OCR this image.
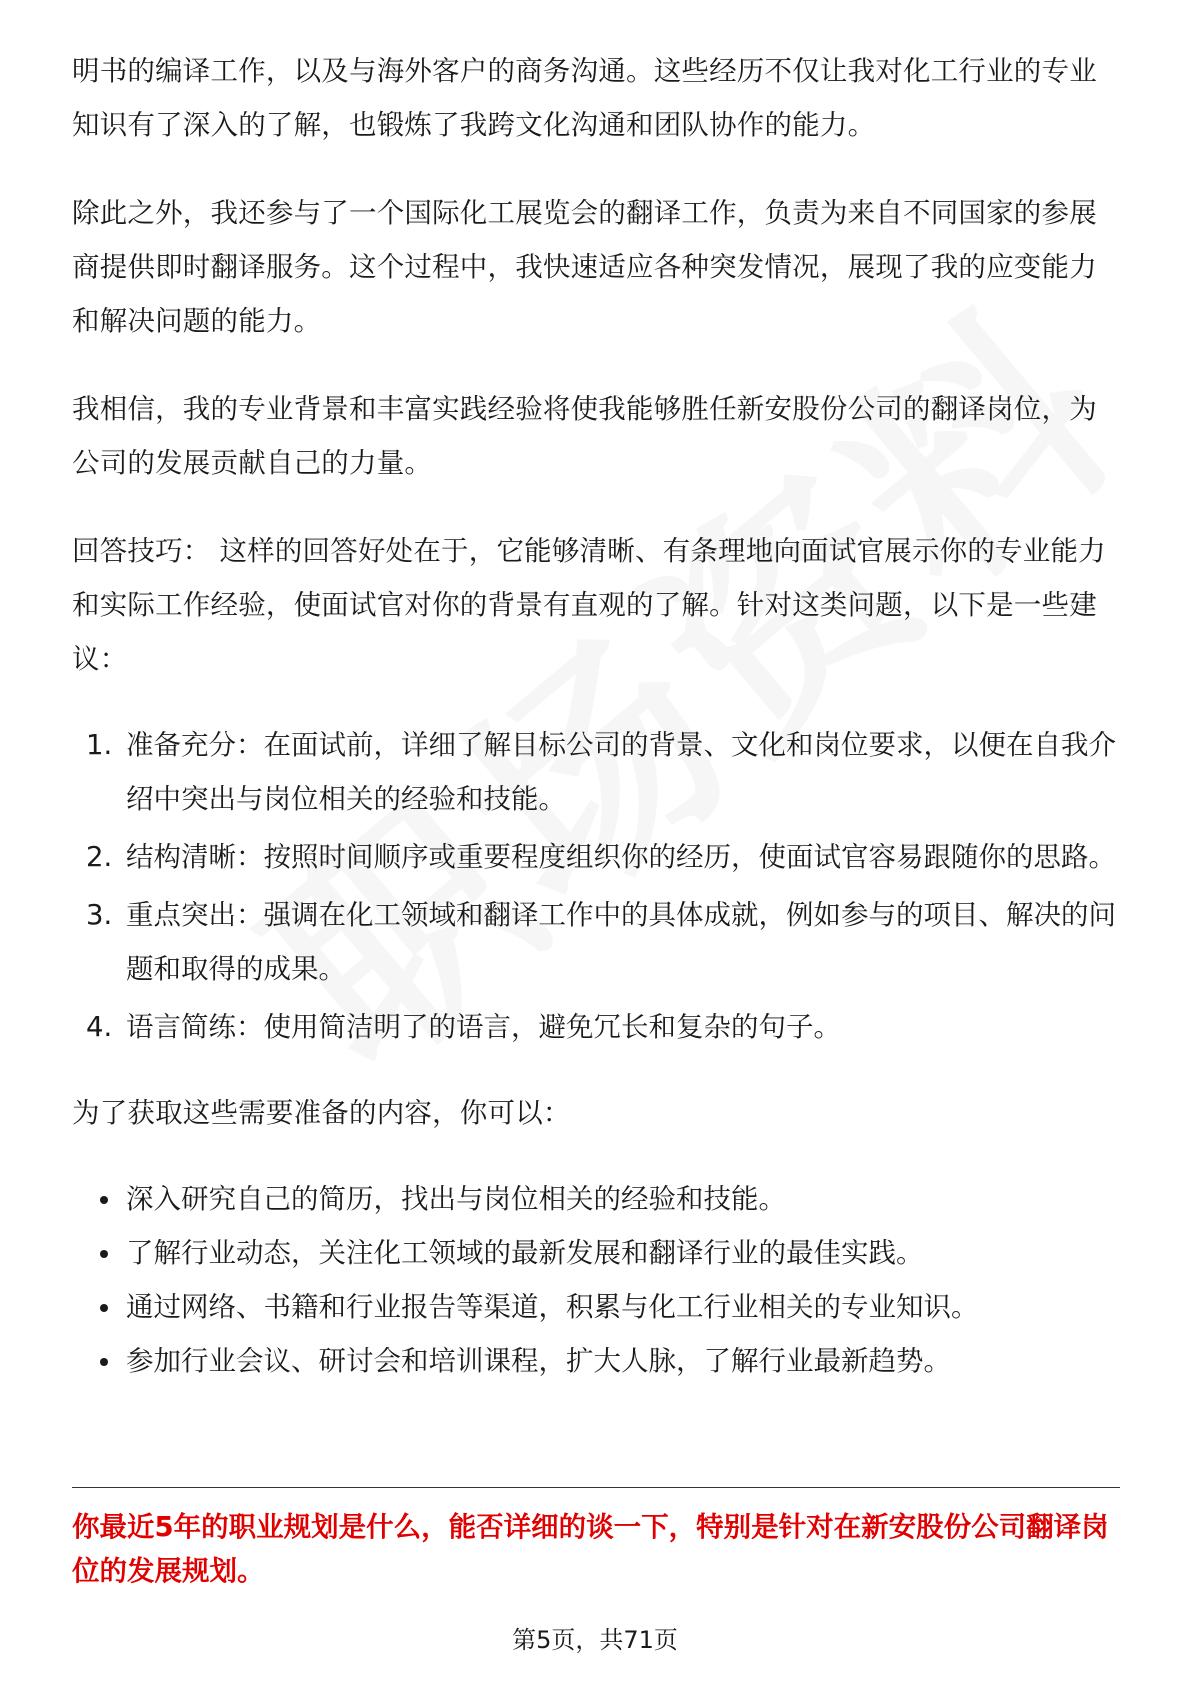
明书的编译工作，以及与海外客户的商务沟通。这些经历不仅让我对化工行业的专业知识有了深入的了解，也锻炼了我跨文化沟通和团队协作的能力。

除此之外，我还参与了一个国际化工展览会的翻译工作，负责为来自不同国家的参展商提供即时翻译服务。这个过程中，我快速适应各种突发情况，展现了我的应变能力和解决问题的能力。

我相信，我的专业背景和丰富实践经验将使我能够胜任新安股份公司的翻译岗位，为公司的发展贡献自己的力量。

回答技巧： 这样的回答好处在于，它能够清晰、有条理地向面试官展示你的专业能力和实际工作经验，使面试官对你的背景有直观的了解。针对这类问题，以下是一些建议：

1. 准备充分：在面试前，详细了解目标公司的背景、文化和岗位要求，以便在自我介绍中突出与岗位相关的经验和技能。
2. 结构清晰：按照时间顺序或重要程度组织你的经历，使面试官容易跟随你的思路。
3. 重点突出：强调在化工领域和翻译工作中的具体成就，例如参与的项目、解决的问题和取得的成果。
4. 语言简练：使用简洁明了的语言，避免冗长和复杂的句子。

为了获取这些需要准备的内容，你可以：

深入研究自己的简历，找出与岗位相关的经验和技能。
了解行业动态，关注化工领域的最新发展和翻译行业的最佳实践。
通过网络、书籍和行业报告等渠道，积累与化工行业相关的专业知识。
参加行业会议、研讨会和培训课程，扩大人脉，了解行业最新趋势。

你最近5年的职业规划是什么，能否详细的谈一下，特别是针对在新安股份公司翻译岗位的发展规划。

第5页，共71页
